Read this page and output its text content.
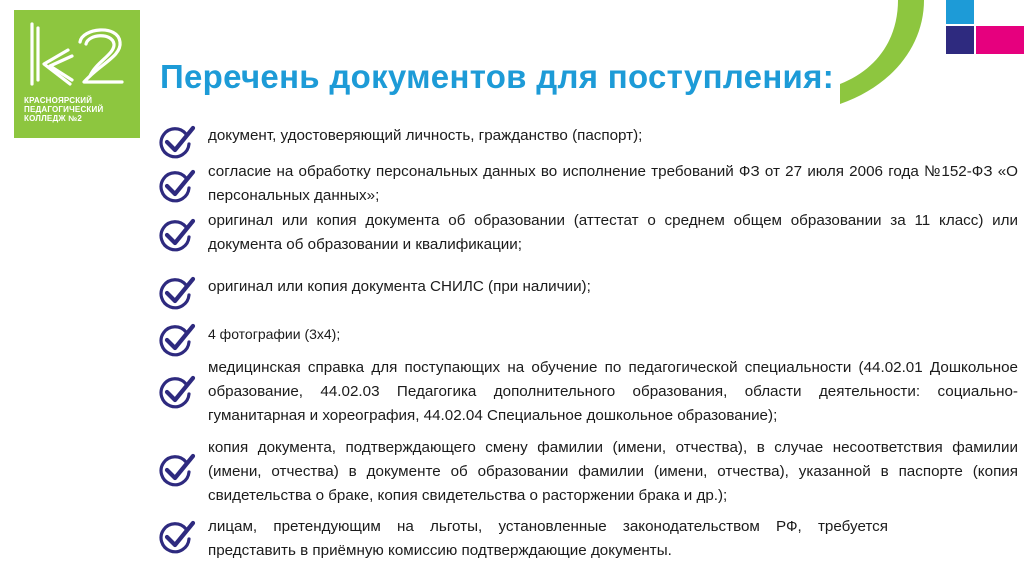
КРАСНОЯРСКИЙ
ПЕДАГОГИЧЕСКИЙ
КОЛЛЕДЖ №2
Перечень документов для поступления:
документ, удостоверяющий личность, гражданство (паспорт);
согласие на обработку персональных данных во исполнение требований ФЗ от 27 июля 2006 года №152-ФЗ «О персональных данных»;
оригинал или копия документа об образовании (аттестат о среднем общем образовании за 11 класс) или документа об образовании и квалификации;
оригинал или копия документа СНИЛС (при наличии);
4 фотографии (3х4);
медицинская справка для поступающих на обучение по педагогической специальности (44.02.01 Дошкольное образование, 44.02.03 Педагогика дополнительного образования, области деятельности: социально-гуманитарная и хореография, 44.02.04 Специальное дошкольное образование);
копия документа, подтверждающего смену фамилии (имени, отчества), в случае несоответствия фамилии (имени, отчества) в документе об образовании фамилии (имени, отчества), указанной в паспорте (копия свидетельства о браке, копия свидетельства о расторжении брака и др.);
лицам, претендующим на льготы, установленные законодательством РФ, требуется представить в приёмную комиссию подтверждающие документы.
